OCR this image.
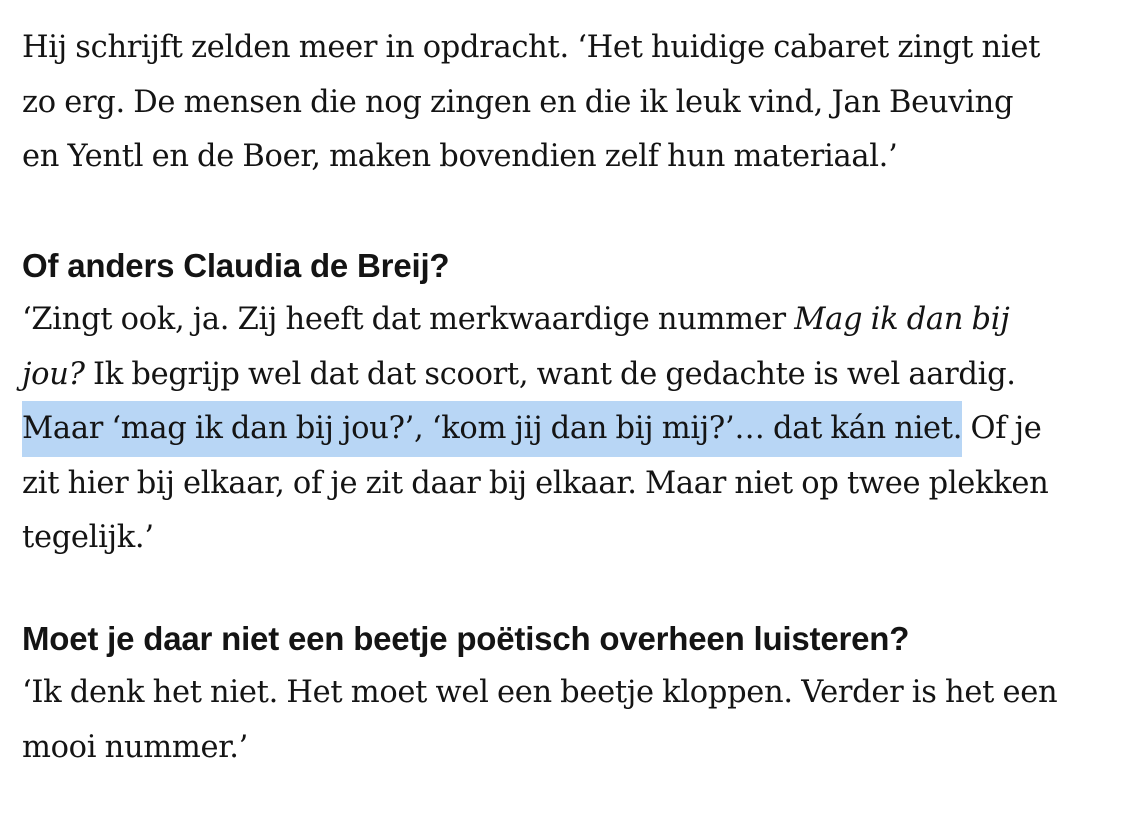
Hij schrijft zelden meer in opdracht. ‘Het huidige cabaret zingt niet
zo erg. De mensen die nog zingen en die ik leuk vind, Jan Beuving
en Yentl en de Boer, maken bovendien zelf hun materiaal.’

Of anders Claudia de Breij?

‘Zingt ook, ja. Zij heeft dat merkwaardige nummer Mag ik dan bij
jou? Ik begrijp wel dat dat scoort, want de gedachte is wel aardig.
Maar ‘mag ik dan bij jou?’, ‘kom jij dan bij mij?’… dat kán niet. Of je
zit hier bij elkaar, of je zit daar bij elkaar. Maar niet op twee plekken
tegelijk.’

Moet je daar niet een beetje poëtisch overheen luisteren?

‘Ik denk het niet. Het moet wel een beetje kloppen. Verder is het een
mooi nummer.’
